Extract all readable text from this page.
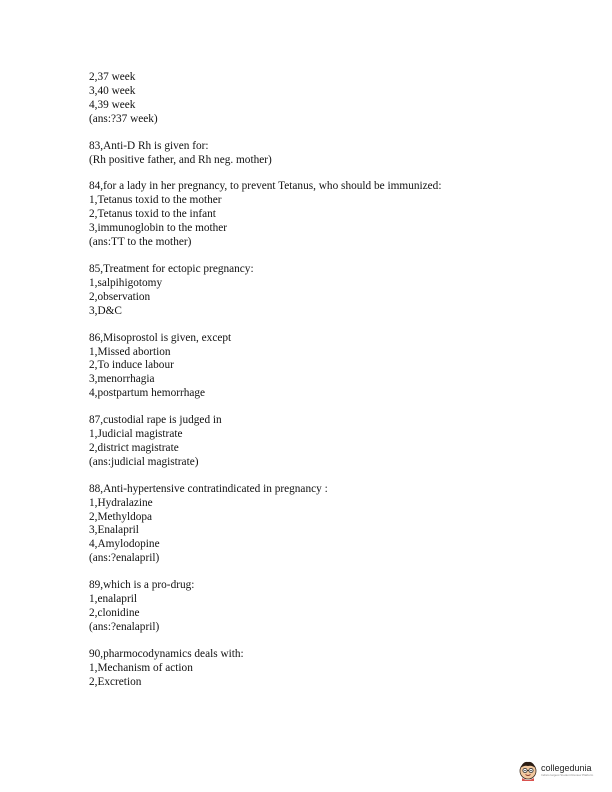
2,37 week
3,40 week
4,39 week
(ans:?37 week)
83,Anti-D Rh is given for:
(Rh positive father, and Rh neg. mother)
84,for a lady in her pregnancy, to prevent Tetanus, who should be immunized:
1,Tetanus toxid to the mother
2,Tetanus toxid to the infant
3,immunoglobin to the mother
(ans:TT to the mother)
85,Treatment for ectopic pregnancy:
1,salpihigotomy
2,observation
3,D&C
86,Misoprostol is given, except
1,Missed abortion
2,To induce labour
3,menorrhagia
4,postpartum hemorrhage
87,custodial rape is judged in
1,Judicial magistrate
2,district magistrate
(ans:judicial magistrate)
88,Anti-hypertensive contratindicated in pregnancy :
1,Hydralazine
2,Methyldopa
3,Enalapril
4,Amylodopine
(ans:?enalapril)
89,which is a pro-drug:
1,enalapril
2,clonidine
(ans:?enalapril)
90,pharmocodynamics deals with:
1,Mechanism of action
2,Excretion
collegedunia
India's largest Student Review Platform
